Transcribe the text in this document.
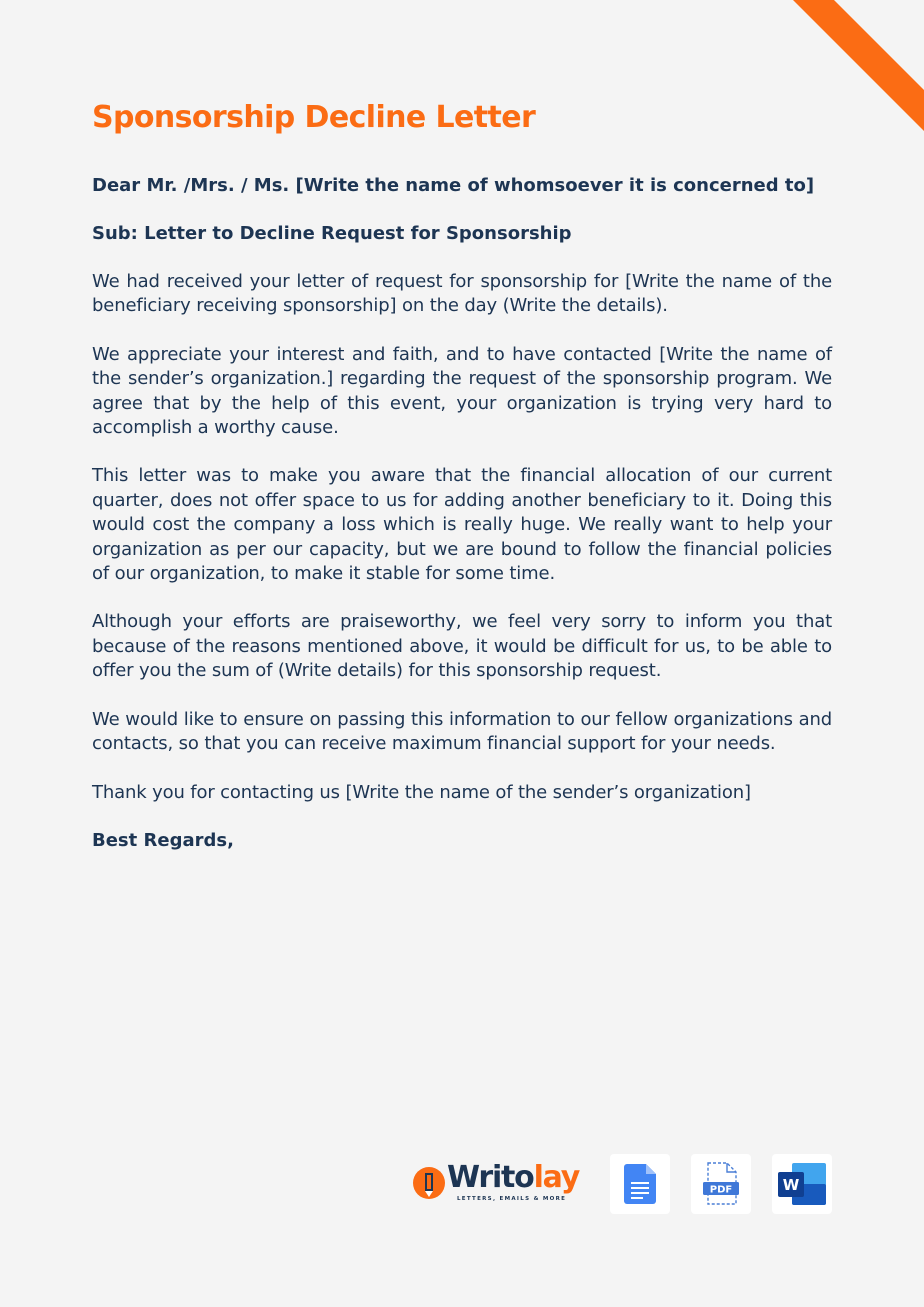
Sponsorship Decline Letter

Dear Mr. /Mrs. / Ms. [Write the name of whomsoever it is concerned to]

Sub: Letter to Decline Request for Sponsorship

We had received your letter of request for sponsorship for [Write the name of the beneficiary receiving sponsorship] on the day (Write the details).

We appreciate your interest and faith, and to have contacted [Write the name of the sender’s organization.] regarding the request of the sponsorship program. We agree that by the help of this event, your organization is trying very hard to accomplish a worthy cause.

This letter was to make you aware that the financial allocation of our current quarter, does not offer space to us for adding another beneficiary to it. Doing this would cost the company a loss which is really huge. We really want to help your organization as per our capacity, but we are bound to follow the financial policies of our organization, to make it stable for some time.

Although your efforts are praiseworthy, we feel very sorry to inform you that because of the reasons mentioned above, it would be difficult for us, to be able to offer you the sum of (Write details) for this sponsorship request.

We would like to ensure on passing this information to our fellow organizations and contacts, so that you can receive maximum financial support for your needs.

Thank you for contacting us [Write the name of the sender’s organization]

Best Regards,

Writolay
LETTERS, EMAILS & MORE
PDF	W
